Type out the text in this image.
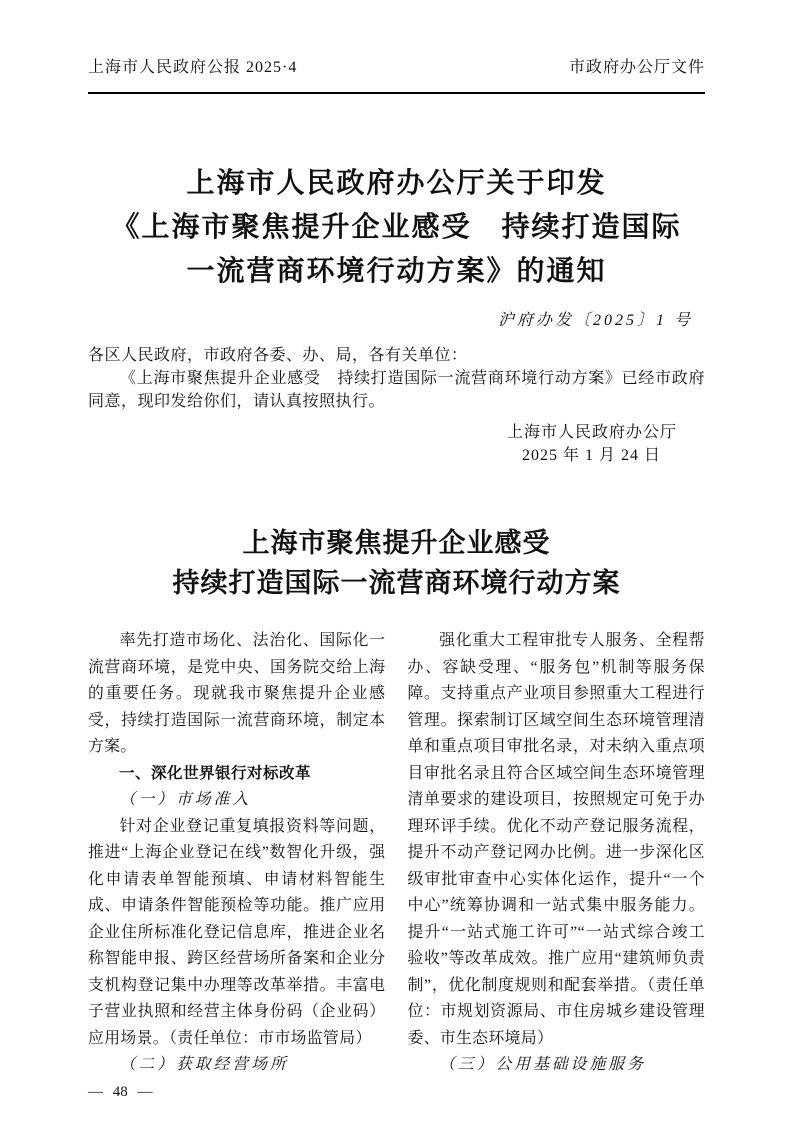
上海市人民政府公报 2025·4	市政府办公厅文件
上海市人民政府办公厅关于印发
《上海市聚焦提升企业感受　持续打造国际
一流营商环境行动方案》的通知
沪府办发〔2025〕1 号
各区人民政府，市政府各委、办、局，各有关单位：

《上海市聚焦提升企业感受　持续打造国际一流营商环境行动方案》已经市政府同意，现印发给你们，请认真按照执行。

上海市人民政府办公厅
2025 年 1 月 24 日
上海市聚焦提升企业感受
持续打造国际一流营商环境行动方案

率先打造市场化、法治化、国际化一流营商环境，是党中央、国务院交给上海的重要任务。现就我市聚焦提升企业感受，持续打造国际一流营商环境，制定本方案。

一、深化世界银行对标改革
（一）市场准入

针对企业登记重复填报资料等问题，推进“上海企业登记在线”数智化升级，强化申请表单智能预填、申请材料智能生成、申请条件智能预检等功能。推广应用企业住所标准化登记信息库，推进企业名称智能申报、跨区经营场所备案和企业分支机构登记集中办理等改革举措。丰富电子营业执照和经营主体身份码（企业码）应用场景。（责任单位：市市场监管局）

（二）获取经营场所

强化重大工程审批专人服务、全程帮办、容缺受理、“服务包”机制等服务保障。支持重点产业项目参照重大工程进行管理。探索制订区域空间生态环境管理清单和重点项目审批名录，对未纳入重点项目审批名录且符合区域空间生态环境管理清单要求的建设项目，按照规定可免于办理环评手续。优化不动产登记服务流程，提升不动产登记网办比例。进一步深化区级审批审查中心实体化运作，提升“一个中心”统筹协调和一站式集中服务能力。提升“一站式施工许可”“一站式综合竣工验收”等改革成效。推广应用“建筑师负责制”，优化制度规则和配套举措。（责任单位：市规划资源局、市住房城乡建设管理委、市生态环境局）

（三）公用基础设施服务
— 48 —
